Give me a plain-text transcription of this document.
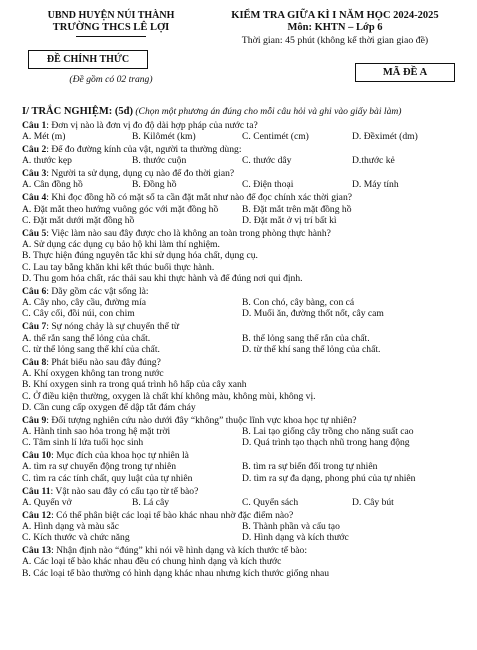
UBND HUYỆN NÚI THÀNH
TRƯỜNG THCS LÊ LỢI
ĐỀ CHÍNH THỨC
(Đề gồm có 02 trang)
KIỂM TRA GIỮA KÌ I NĂM HỌC 2024-2025
Môn: KHTN – Lớp 6
Thời gian: 45 phút (không kể thời gian giao đề)
MÃ ĐỀ A
I/ TRẮC NGHIỆM: (5đ) (Chọn một phương án đúng cho mỗi câu hỏi và ghi vào giấy bài làm)
Câu 1: Đơn vị nào là đơn vị đo độ dài hợp pháp của nước ta?
A. Mét (m)	B. Kilômét (km)	C. Centimét (cm)	D. Đềximét (dm)
Câu 2: Để đo đường kính của vật, người ta thường dùng:
A. thước kẹp	B. thước cuộn	C. thước dây	D.thước kẻ
Câu 3: Người ta sử dụng, dụng cụ nào để đo thời gian?
A. Cân đồng hồ	B. Đồng hồ	C. Điện thoại	D. Máy tính
Câu 4: Khi đọc đồng hồ có mặt số ta cần đặt mắt như nào để đọc chính xác thời gian?
A. Đặt mắt theo hướng vuông góc với mặt đồng hồ	B. Đặt mắt trên mặt đồng hồ
C. Đặt mắt dưới mặt đồng hồ	D. Đặt mắt ở vị trí bất kì
Câu 5: Việc làm nào sau đây được cho là không an toàn trong phòng thực hành?
A. Sử dụng các dụng cụ bảo hộ khi làm thí nghiệm.
B. Thực hiện đúng nguyên tắc khi sử dụng hóa chất, dụng cụ.
C. Lau tay bằng khăn khi kết thúc buổi thực hành.
D. Thu gom hóa chất, rác thải sau khi thực hành và để đúng nơi qui định.
Câu 6: Dãy gồm các vật sống là:
A. Cây nho, cây cầu, đường mía	B. Con chó, cây bàng, con cá
C. Cây cối, đồi núi, con chim	D. Muối ăn, đường thốt nốt, cây cam
Câu 7: Sự nóng chảy là sự chuyển thể từ
A. thể rắn sang thể lỏng của chất.	B. thể lỏng sang thể rắn của chất.
C. từ thể lỏng sang thể khí của chất.	D. từ thể khí sang thể lỏng của chất.
Câu 8: Phát biểu nào sau đây đúng?
A. Khí oxygen không tan trong nước
B. Khí oxygen sinh ra trong quá trình hô hấp của cây xanh
C. Ở điều kiện thường, oxygen là chất khí không màu, không mùi, không vị.
D. Cần cung cấp oxygen để dập tắt đám cháy
Câu 9: Đối tượng nghiên cứu nào dưới đây “không” thuộc lĩnh vực khoa học tự nhiên?
A. Hành tinh sao hỏa trong hệ mặt trời	B. Lai tạo giống cây trồng cho năng suất cao
C. Tâm sinh lí lứa tuổi học sinh	D. Quá trình tạo thạch nhũ trong hang động
Câu 10: Mục đích của khoa học tự nhiên là
A. tìm ra sự chuyển động trong tự nhiên	B. tìm ra sự biến đổi trong tự nhiên
C. tìm ra các tính chất, quy luật của tự nhiên	D. tìm ra sự đa dạng, phong phú của tự nhiên
Câu 11: Vật nào sau đây có cấu tạo từ tế bào?
A. Quyển vở	B. Lá cây	C. Quyển sách	D. Cây bút
Câu 12: Có thể phân biệt các loại tế bào khác nhau nhờ đặc điểm nào?
A. Hình dạng và màu sắc	B. Thành phần và cấu tạo
C. Kích thước và chức năng	D. Hình dạng và kích thước
Câu 13: Nhận định nào “đúng” khi nói về hình dạng và kích thước tế bào:
A. Các loại tế bào khác nhau đều có chung hình dạng và kích thước
B. Các loại tế bào thường có hình dạng khác nhau nhưng kích thước giống nhau
